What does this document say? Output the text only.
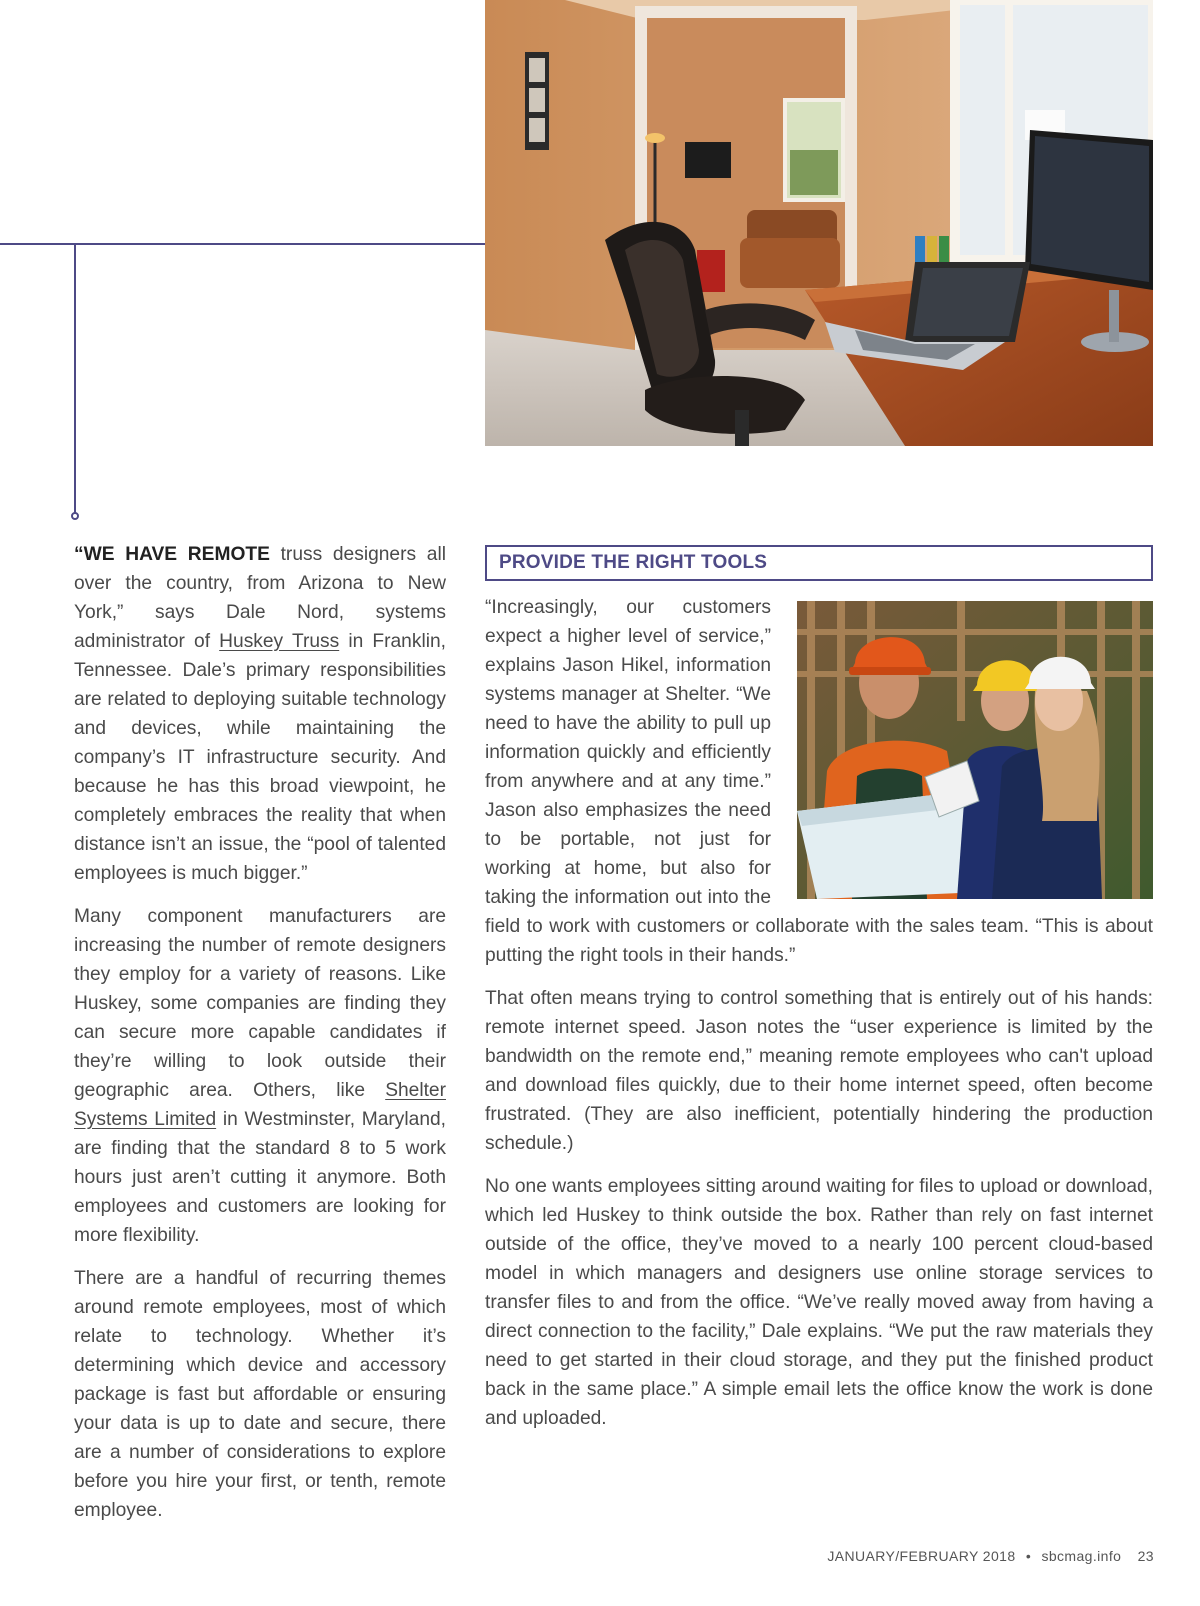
“WE HAVE REMOTE truss designers all over the country, from Arizona to New York,” says Dale Nord, systems administrator of Huskey Truss in Franklin, Tennessee. Dale’s primary responsibilities are related to deploying suitable technology and devices, while maintaining the company’s IT infrastructure security. And because he has this broad viewpoint, he completely embraces the reality that when distance isn’t an issue, the “pool of talented employees is much bigger.”

Many component manufacturers are increasing the number of remote designers they employ for a variety of reasons. Like Huskey, some companies are finding they can secure more capable candidates if they’re willing to look outside their geographic area. Others, like Shelter Systems Limited in Westminster, Maryland, are finding that the standard 8 to 5 work hours just aren’t cutting it anymore. Both employees and customers are looking for more flexibility.

There are a handful of recurring themes around remote employees, most of which relate to technology. Whether it’s determining which device and accessory package is fast but affordable or ensuring your data is up to date and secure, there are a number of considerations to explore before you hire your first, or tenth, remote employee.

PROVIDE THE RIGHT TOOLS

“Increasingly, our customers expect a higher level of service,” explains Jason Hikel, information systems manager at Shelter. “We need to have the ability to pull up information quickly and efficiently from anywhere and at any time.” Jason also emphasizes the need to be portable, not just for working at home, but also for taking the information out into the field to work with customers or collaborate with the sales team. “This is about putting the right tools in their hands.”

That often means trying to control something that is entirely out of his hands: remote internet speed. Jason notes the “user experience is limited by the bandwidth on the remote end,” meaning remote employees who can't upload and download files quickly, due to their home internet speed, often become frustrated. (They are also inefficient, potentially hindering the production schedule.)

No one wants employees sitting around waiting for files to upload or download, which led Huskey to think outside the box. Rather than rely on fast internet outside of the office, they’ve moved to a nearly 100 percent cloud-based model in which managers and designers use online storage services to transfer files to and from the office. “We’ve really moved away from having a direct connection to the facility,” Dale explains. “We put the raw materials they need to get started in their cloud storage, and they put the finished product back in the same place.” A simple email lets the office know the work is done and uploaded.

JANUARY/FEBRUARY 2018 • sbcmag.info 23
